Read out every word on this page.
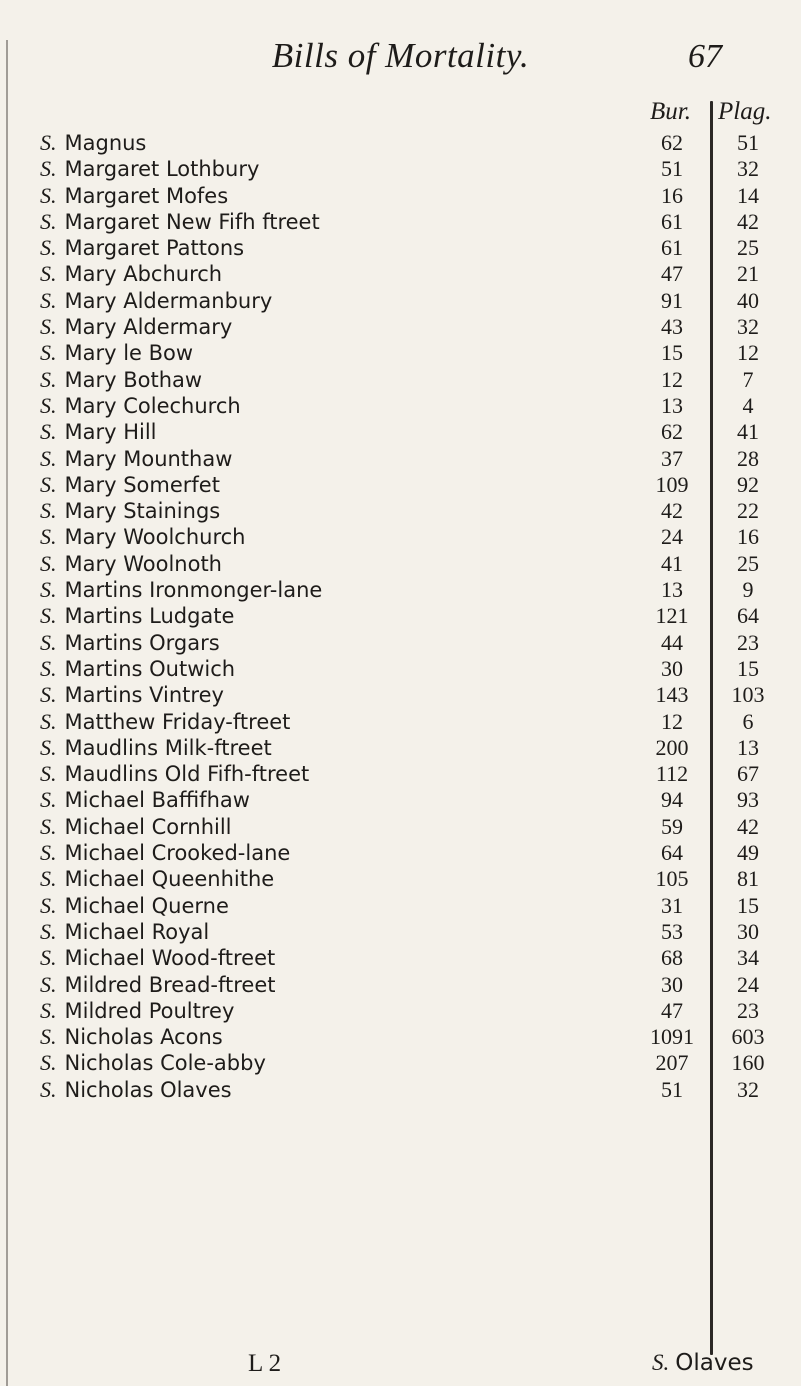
Bills of Mortality.	67
Bur. Plag.
S. Magnus	62	51
S. Margaret Lothbury	51	32
S. Margaret Mofes	16	14
S. Margaret New Fifh ftreet	61	42
S. Margaret Pattons	61	25
S. Mary Abchurch	47	21
S. Mary Aldermanbury	91	40
S. Mary Aldermary	43	32
S. Mary le Bow	15	12
S. Mary Bothaw	12	7
S. Mary Colechurch	13	4
S. Mary Hill	62	41
S. Mary Mounthaw	37	28
S. Mary Somerfet	109	92
S. Mary Stainings	42	22
S. Mary Woolchurch	24	16
S. Mary Woolnoth	41	25
S. Martins Ironmonger-lane	13	9
S. Martins Ludgate	121	64
S. Martins Orgars	44	23
S. Martins Outwich	30	15
S. Martins Vintrey	143	103
S. Matthew Friday-ftreet	12	6
S. Maudlins Milk-ftreet	200	13
S. Maudlins Old Fifh-ftreet	112	67
S. Michael Baffifhaw	94	93
S. Michael Cornhill	59	42
S. Michael Crooked-lane	64	49
S. Michael Queenhithe	105	81
S. Michael Querne	31	15
S. Michael Royal	53	30
S. Michael Wood-ftreet	68	34
S. Mildred Bread-ftreet	30	24
S. Mildred Poultrey	47	23
S. Nicholas Acons	1091	603
S. Nicholas Cole-abby	207	160
S. Nicholas Olaves	51	32
L 2	S. Olaves
